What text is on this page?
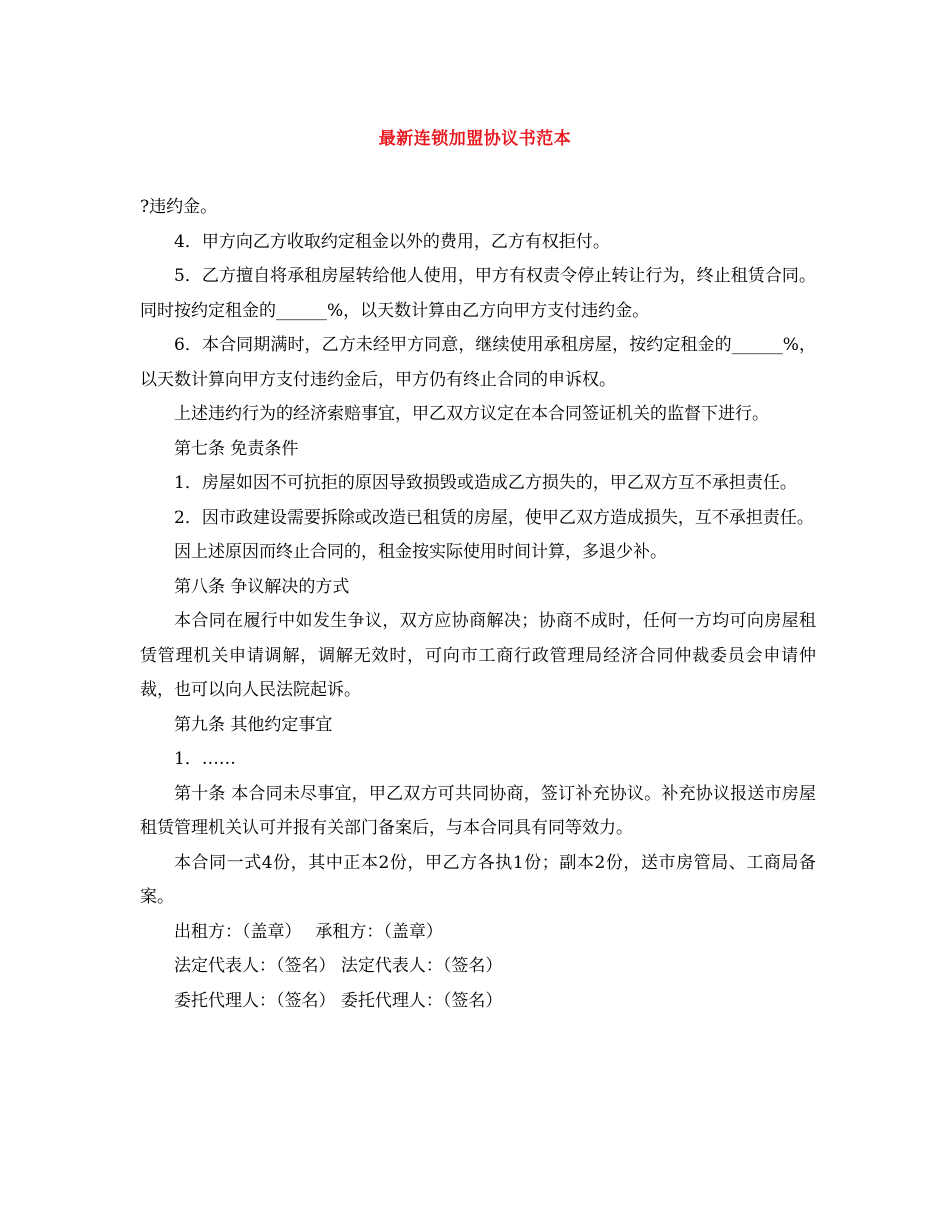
最新连锁加盟协议书范本

?违约金。

4．甲方向乙方收取约定租金以外的费用，乙方有权拒付。

5．乙方擅自将承租房屋转给他人使用，甲方有权责令停止转让行为，终止租赁合同。同时按约定租金的______%，以天数计算由乙方向甲方支付违约金。

6．本合同期满时，乙方未经甲方同意，继续使用承租房屋，按约定租金的______%，以天数计算向甲方支付违约金后，甲方仍有终止合同的申诉权。

上述违约行为的经济索赔事宜，甲乙双方议定在本合同签证机关的监督下进行。

第七条 免责条件

1．房屋如因不可抗拒的原因导致损毁或造成乙方损失的，甲乙双方互不承担责任。

2．因市政建设需要拆除或改造已租赁的房屋，使甲乙双方造成损失，互不承担责任。

因上述原因而终止合同的，租金按实际使用时间计算，多退少补。

第八条 争议解决的方式

本合同在履行中如发生争议，双方应协商解决；协商不成时，任何一方均可向房屋租赁管理机关申请调解，调解无效时，可向市工商行政管理局经济合同仲裁委员会申请仲裁，也可以向人民法院起诉。

第九条 其他约定事宜

1．……

第十条 本合同未尽事宜，甲乙双方可共同协商，签订补充协议。补充协议报送市房屋租赁管理机关认可并报有关部门备案后，与本合同具有同等效力。

本合同一式4份，其中正本2份，甲乙方各执1份；副本2份，送市房管局、工商局备案。

出租方：（盖章）　 承租方：（盖章）

法定代表人：（签名） 法定代表人：（签名）

委托代理人：（签名） 委托代理人：（签名）
